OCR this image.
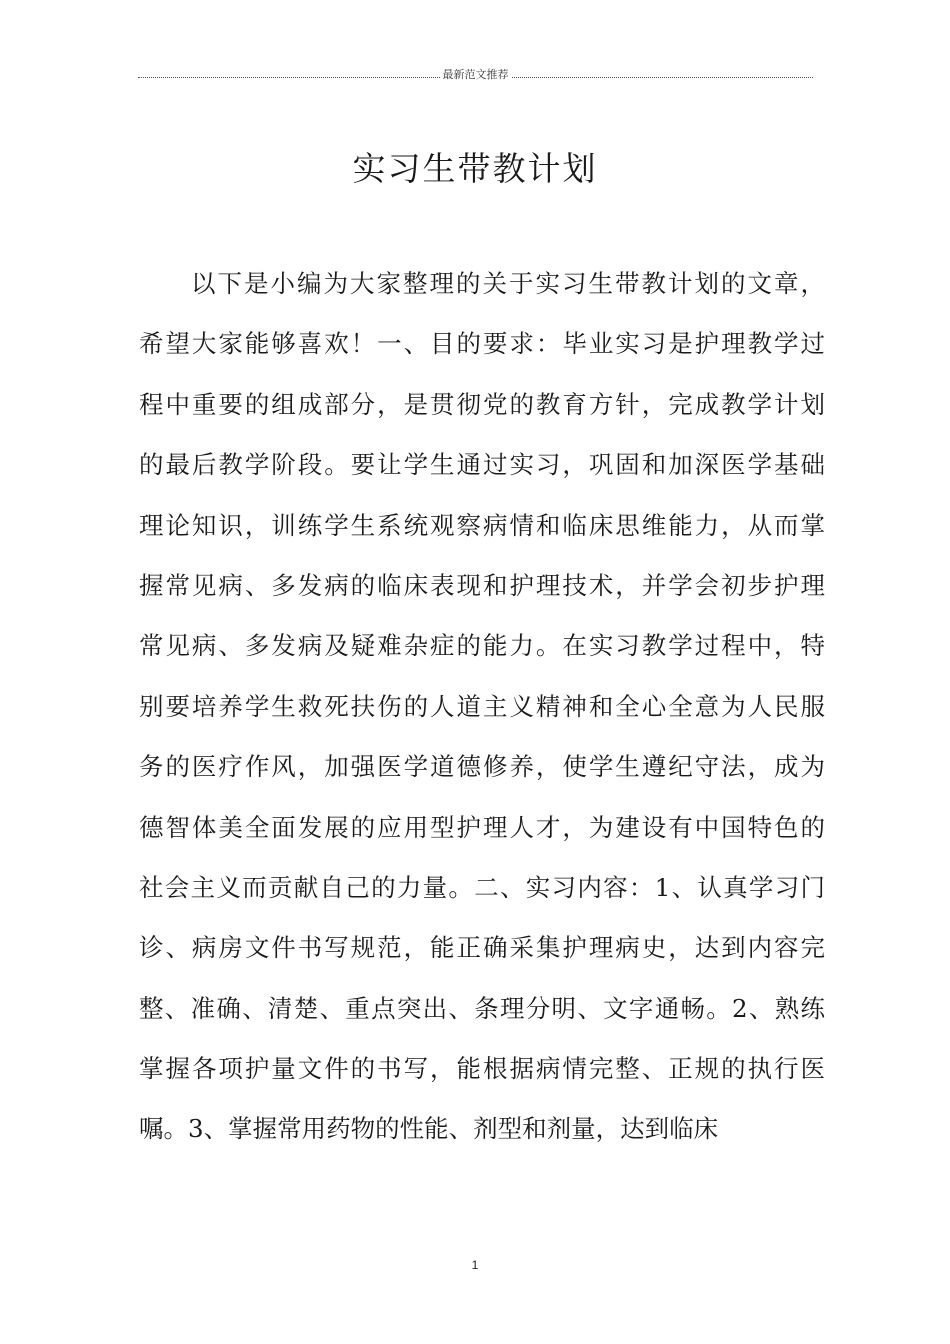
最新范文推荐
实习生带教计划
以下是小编为大家整理的关于实习生带教计划的文章，
希望大家能够喜欢！一、目的要求：毕业实习是护理教学过
程中重要的组成部分，是贯彻党的教育方针，完成教学计划
的最后教学阶段。要让学生通过实习，巩固和加深医学基础
理论知识，训练学生系统观察病情和临床思维能力，从而掌
握常见病、多发病的临床表现和护理技术，并学会初步护理
常见病、多发病及疑难杂症的能力。在实习教学过程中，特
别要培养学生救死扶伤的人道主义精神和全心全意为人民服
务的医疗作风，加强医学道德修养，使学生遵纪守法，成为
德智体美全面发展的应用型护理人才，为建设有中国特色的
社会主义而贡献自己的力量。二、实习内容：1、认真学习门
诊、病房文件书写规范，能正确采集护理病史，达到内容完
整、准确、清楚、重点突出、条理分明、文字通畅。2、熟练
掌握各项护量文件的书写，能根据病情完整、正规的执行医
嘱。3、掌握常用药物的性能、剂型和剂量，达到临床
1
